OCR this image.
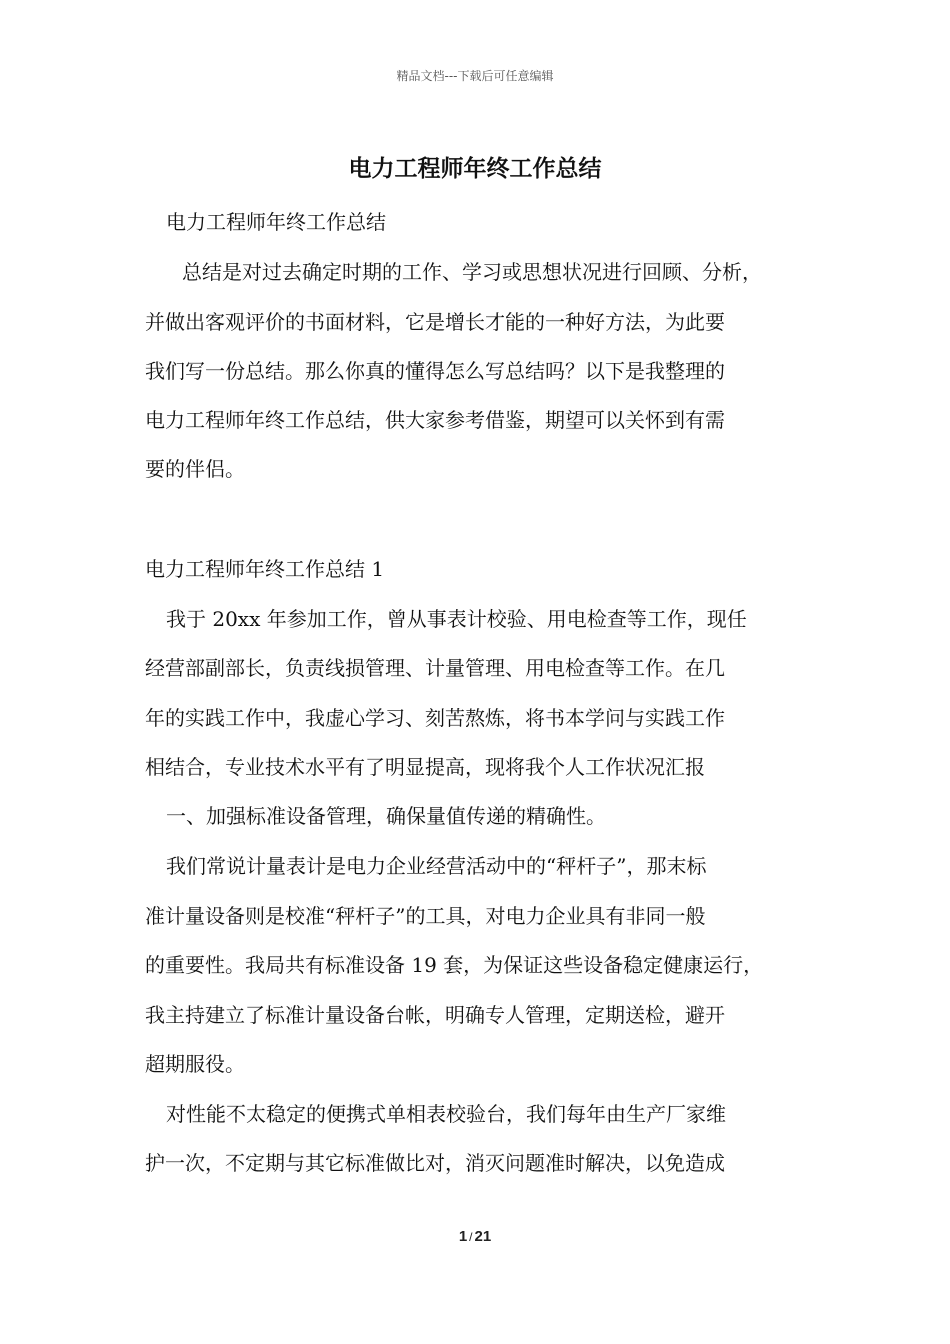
精品文档---下载后可任意编辑
电力工程师年终工作总结
电力工程师年终工作总结
总结是对过去确定时期的工作、学习或思想状况进行回顾、分析，
并做出客观评价的书面材料，它是增长才能的一种好方法，为此要
我们写一份总结。那么你真的懂得怎么写总结吗？以下是我整理的
电力工程师年终工作总结，供大家参考借鉴，期望可以关怀到有需
要的伴侣。
电力工程师年终工作总结 1
我于 20xx 年参加工作，曾从事表计校验、用电检查等工作，现任
经营部副部长，负责线损管理、计量管理、用电检查等工作。在几
年的实践工作中，我虚心学习、刻苦熬炼，将书本学问与实践工作
相结合，专业技术水平有了明显提高，现将我个人工作状况汇报
一、加强标准设备管理，确保量值传递的精确性。
我们常说计量表计是电力企业经营活动中的“秤杆子”，那末标
准计量设备则是校准“秤杆子”的工具，对电力企业具有非同一般
的重要性。我局共有标准设备 19 套，为保证这些设备稳定健康运行，
我主持建立了标准计量设备台帐，明确专人管理，定期送检，避开
超期服役。
对性能不太稳定的便携式单相表校验台，我们每年由生产厂家维
护一次，不定期与其它标准做比对，消灭问题准时解决，以免造成
1 / 21
